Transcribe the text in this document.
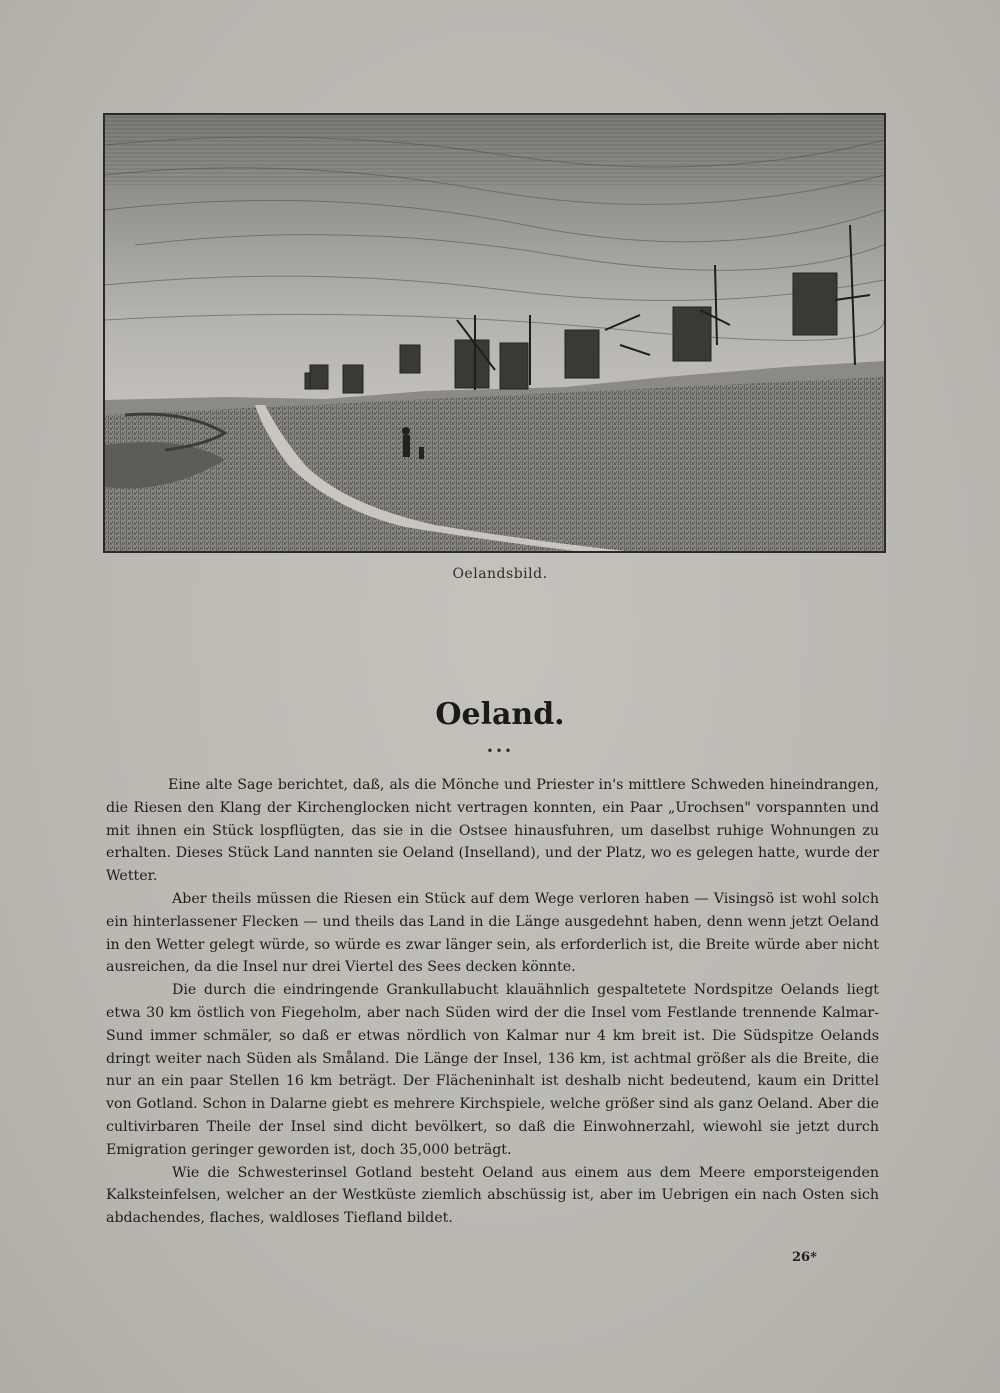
Oelandsbild.
Oeland.
•••

Eine alte Sage berichtet, daß, als die Mönche und Priester in's mittlere Schweden hineindrangen, die Riesen den Klang der Kirchenglocken nicht vertragen konnten, ein Paar „Urochsen" vorspannten und mit ihnen ein Stück lospflügten, das sie in die Ostsee hinausfuhren, um daselbst ruhige Wohnungen zu erhalten. Dieses Stück Land nannten sie Oeland (Inselland), und der Platz, wo es gelegen hatte, wurde der Wetter.

Aber theils müssen die Riesen ein Stück auf dem Wege verloren haben — Visingsö ist wohl solch ein hinterlassener Flecken — und theils das Land in die Länge ausgedehnt haben, denn wenn jetzt Oeland in den Wetter gelegt würde, so würde es zwar länger sein, als erforderlich ist, die Breite würde aber nicht ausreichen, da die Insel nur drei Viertel des Sees decken könnte.

Die durch die eindringende Grankullabucht klauähnlich gespaltetete Nordspitze Oelands liegt etwa 30 km östlich von Fiegeholm, aber nach Süden wird der die Insel vom Festlande trennende Kalmar-Sund immer schmäler, so daß er etwas nördlich von Kalmar nur 4 km breit ist. Die Südspitze Oelands dringt weiter nach Süden als Småland. Die Länge der Insel, 136 km, ist achtmal größer als die Breite, die nur an ein paar Stellen 16 km beträgt. Der Flächeninhalt ist deshalb nicht bedeutend, kaum ein Drittel von Gotland. Schon in Dalarne giebt es mehrere Kirchspiele, welche größer sind als ganz Oeland. Aber die cultivirbaren Theile der Insel sind dicht bevölkert, so daß die Einwohnerzahl, wiewohl sie jetzt durch Emigration geringer geworden ist, doch 35,000 beträgt.

Wie die Schwesterinsel Gotland besteht Oeland aus einem aus dem Meere emporsteigenden Kalksteinfelsen, welcher an der Westküste ziemlich abschüssig ist, aber im Uebrigen ein nach Osten sich abdachendes, flaches, waldloses Tiefland bildet.

26*
